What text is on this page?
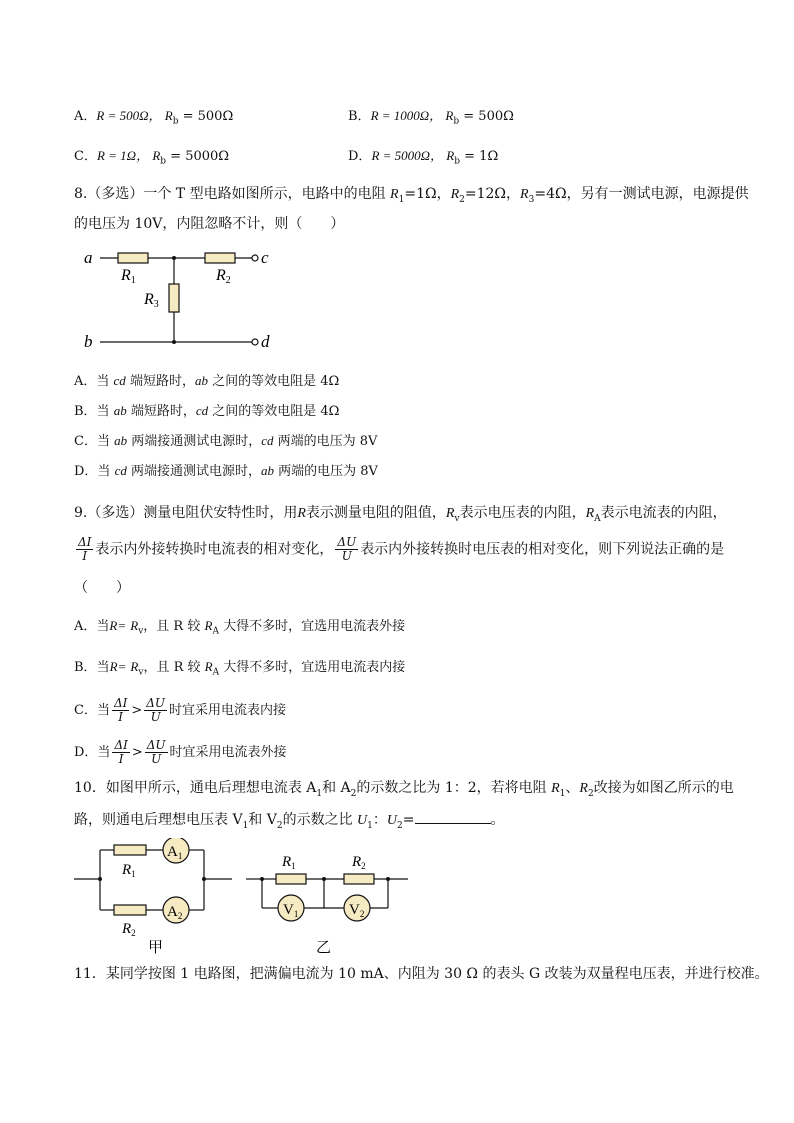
A．R = 500Ω， $R_b = 500\Omega$	B．R = 1000Ω， $R_b = 500\Omega$
C．R = 1Ω， $R_b = 5000\Omega$	D．R = 5000Ω， $R_b = 1\Omega$
8.（多选）一个 T 型电路如图所示，电路中的电阻 $R_1=1\Omega$，$R_2=12\Omega$，$R_3=4\Omega$，另有一测试电源，电源提供
的电压为 10V，内阻忽略不计，则（　　）
a
b
c
d
R1	R2
R3
A．当 cd 端短路时，ab 之间的等效电阻是 4Ω
B．当 ab 端短路时，cd 之间的等效电阻是 4Ω
C．当 ab 两端接通测试电源时，cd 两端的电压为 8V
D．当 cd 两端接通测试电源时，ab 两端的电压为 8V
9.（多选）测量电阻伏安特性时，用R表示测量电阻的阻值，$R_v$表示电压表的内阻，$R_A$表示电流表的内阻，
$\frac{\Delta I}{I}$ 表示内外接转换时电流表的相对变化， $\frac{\Delta U}{U}$ 表示内外接转换时电压表的相对变化，则下列说法正确的是
（　　）
A．当$R= R_v$，且 R 较 $R_A$ 大得不多时，宜选用电流表外接
B．当$R= R_v$，且 R 较 $R_A$ 大得不多时，宜选用电流表内接
C．当 $\frac{\Delta I}{I} > \frac{\Delta U}{U}$ 时宜采用电流表内接
D．当 $\frac{\Delta I}{I} > \frac{\Delta U}{U}$ 时宜采用电流表外接
10．如图甲所示，通电后理想电流表 $A_1$和 $A_2$的示数之比为 1：2，若将电阻 $R_1$、$R_2$改接为如图乙所示的电
路，则通电后理想电压表 $V_1$和 $V_2$的示数之比 $U_1$：$U_2=$	。
$A_1$
$A_2$
$R_1$
$R_2$
甲
$R_1$	$R_2$
$V_1$	$V_2$
乙
11．某同学按图 1 电路图，把满偏电流为 10 mA、内阻为 30 Ω 的表头 G 改装为双量程电压表，并进行校准。
